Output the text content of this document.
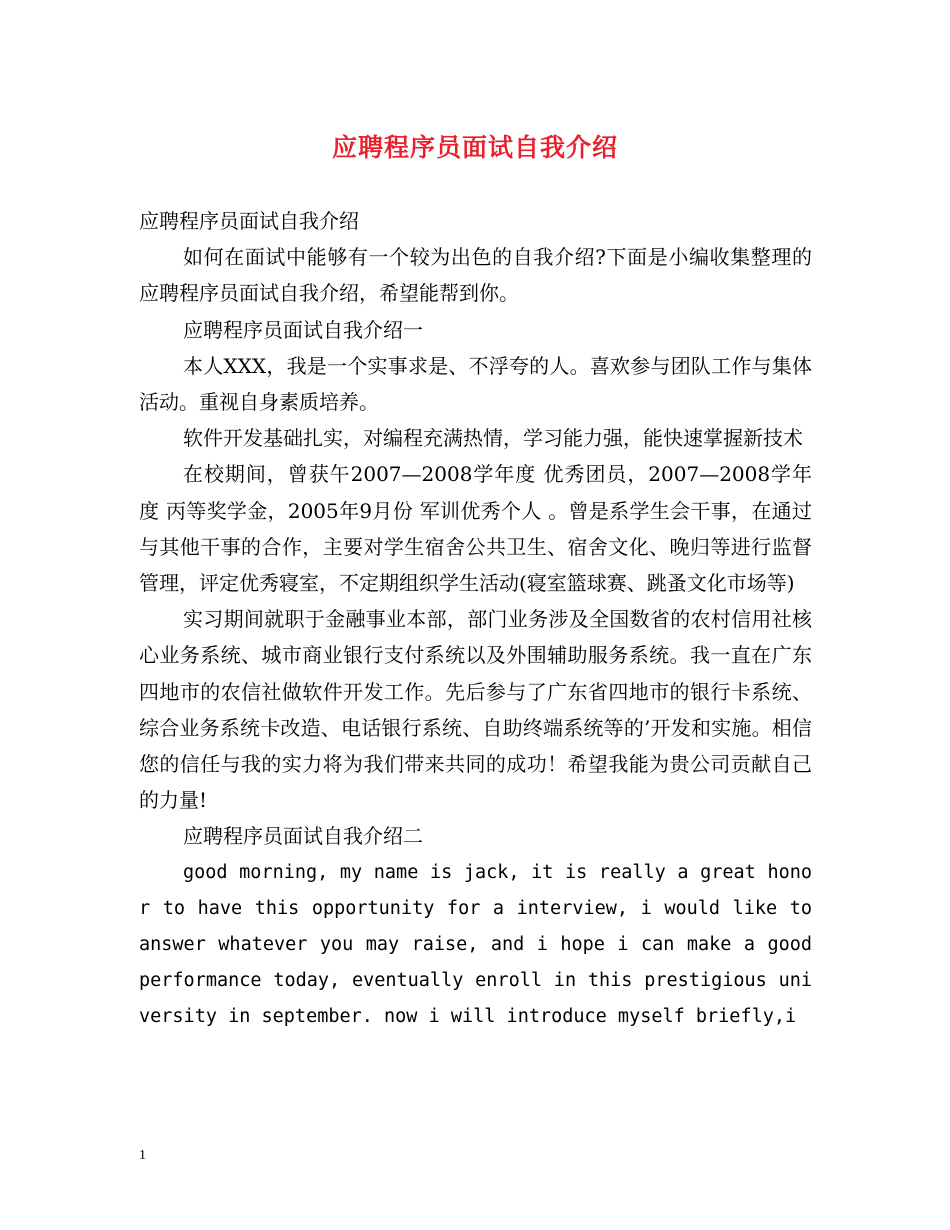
应聘程序员面试自我介绍

应聘程序员面试自我介绍

如何在面试中能够有一个较为出色的自我介绍?下面是小编收集整理的应聘程序员面试自我介绍，希望能帮到你。

应聘程序员面试自我介绍一

本人XXX，我是一个实事求是、不浮夸的人。喜欢参与团队工作与集体活动。重视自身素质培养。

软件开发基础扎实，对编程充满热情，学习能力强，能快速掌握新技术

在校期间，曾获午2007—2008学年度 优秀团员，2007—2008学年度 丙等奖学金，2005年9月份 军训优秀个人 。曾是系学生会干事，在通过与其他干事的合作，主要对学生宿舍公共卫生、宿舍文化、晚归等进行监督管理，评定优秀寝室，不定期组织学生活动(寝室篮球赛、跳蚤文化市场等)

实习期间就职于金融事业本部，部门业务涉及全国数省的农村信用社核心业务系统、城市商业银行支付系统以及外围辅助服务系统。我一直在广东四地市的农信社做软件开发工作。先后参与了广东省四地市的银行卡系统、综合业务系统卡改造、电话银行系统、自助终端系统等的’开发和实施。相信您的信任与我的实力将为我们带来共同的成功！希望我能为贵公司贡献自己的力量!

应聘程序员面试自我介绍二

good morning, my name is jack, it is really a great honor to have this opportunity for a interview, i would like to answer whatever you may raise, and i hope i can make a good performance today, eventually enroll in this prestigious university in september. now i will introduce myself briefly,i

1
